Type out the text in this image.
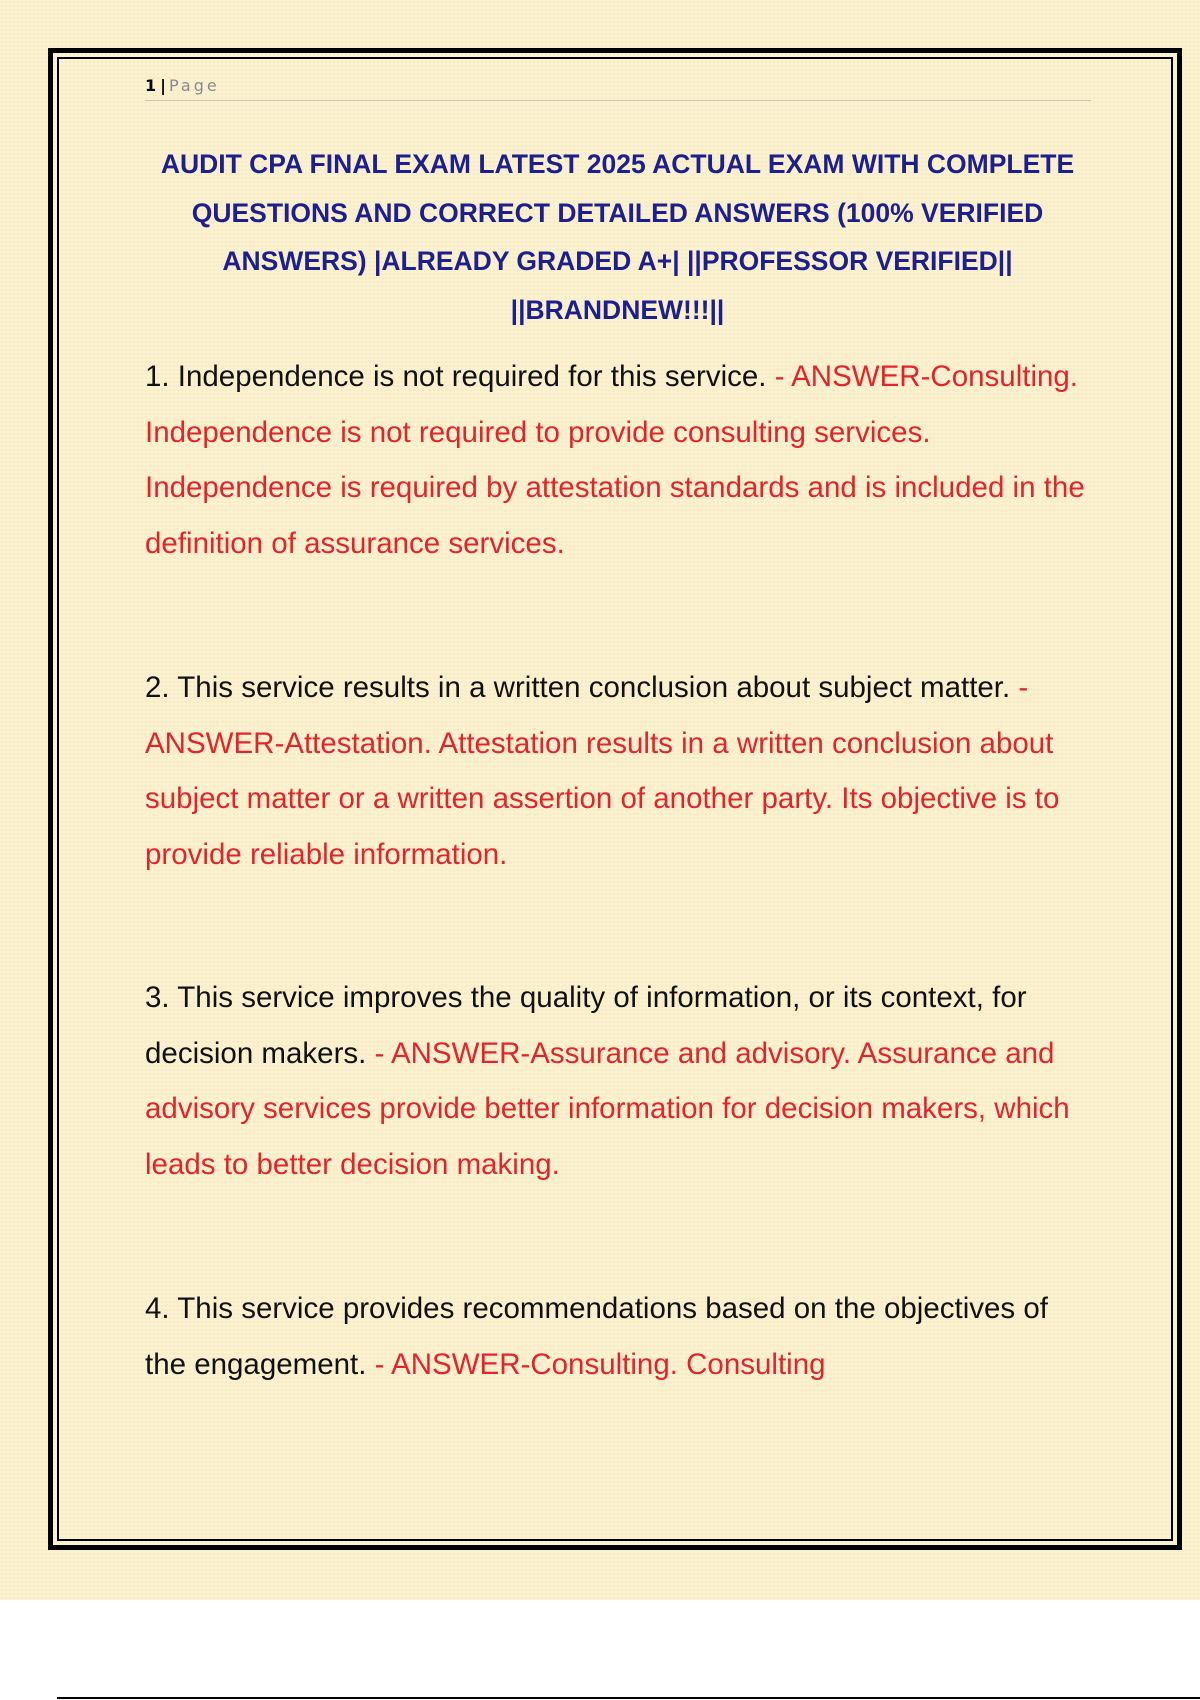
1 | Page
AUDIT CPA FINAL EXAM LATEST 2025 ACTUAL EXAM WITH COMPLETE QUESTIONS AND CORRECT DETAILED ANSWERS (100% VERIFIED ANSWERS) |ALREADY GRADED A+| ||PROFESSOR VERIFIED|| ||BRANDNEW!!!||

1. Independence is not required for this service. - ANSWER-Consulting. Independence is not required to provide consulting services. Independence is required by attestation standards and is included in the definition of assurance services.

2. This service results in a written conclusion about subject matter. - ANSWER-Attestation. Attestation results in a written conclusion about subject matter or a written assertion of another party. Its objective is to provide reliable information.

3. This service improves the quality of information, or its context, for decision makers. - ANSWER-Assurance and advisory. Assurance and advisory services provide better information for decision makers, which leads to better decision making.

4. This service provides recommendations based on the objectives of the engagement. - ANSWER-Consulting. Consulting
